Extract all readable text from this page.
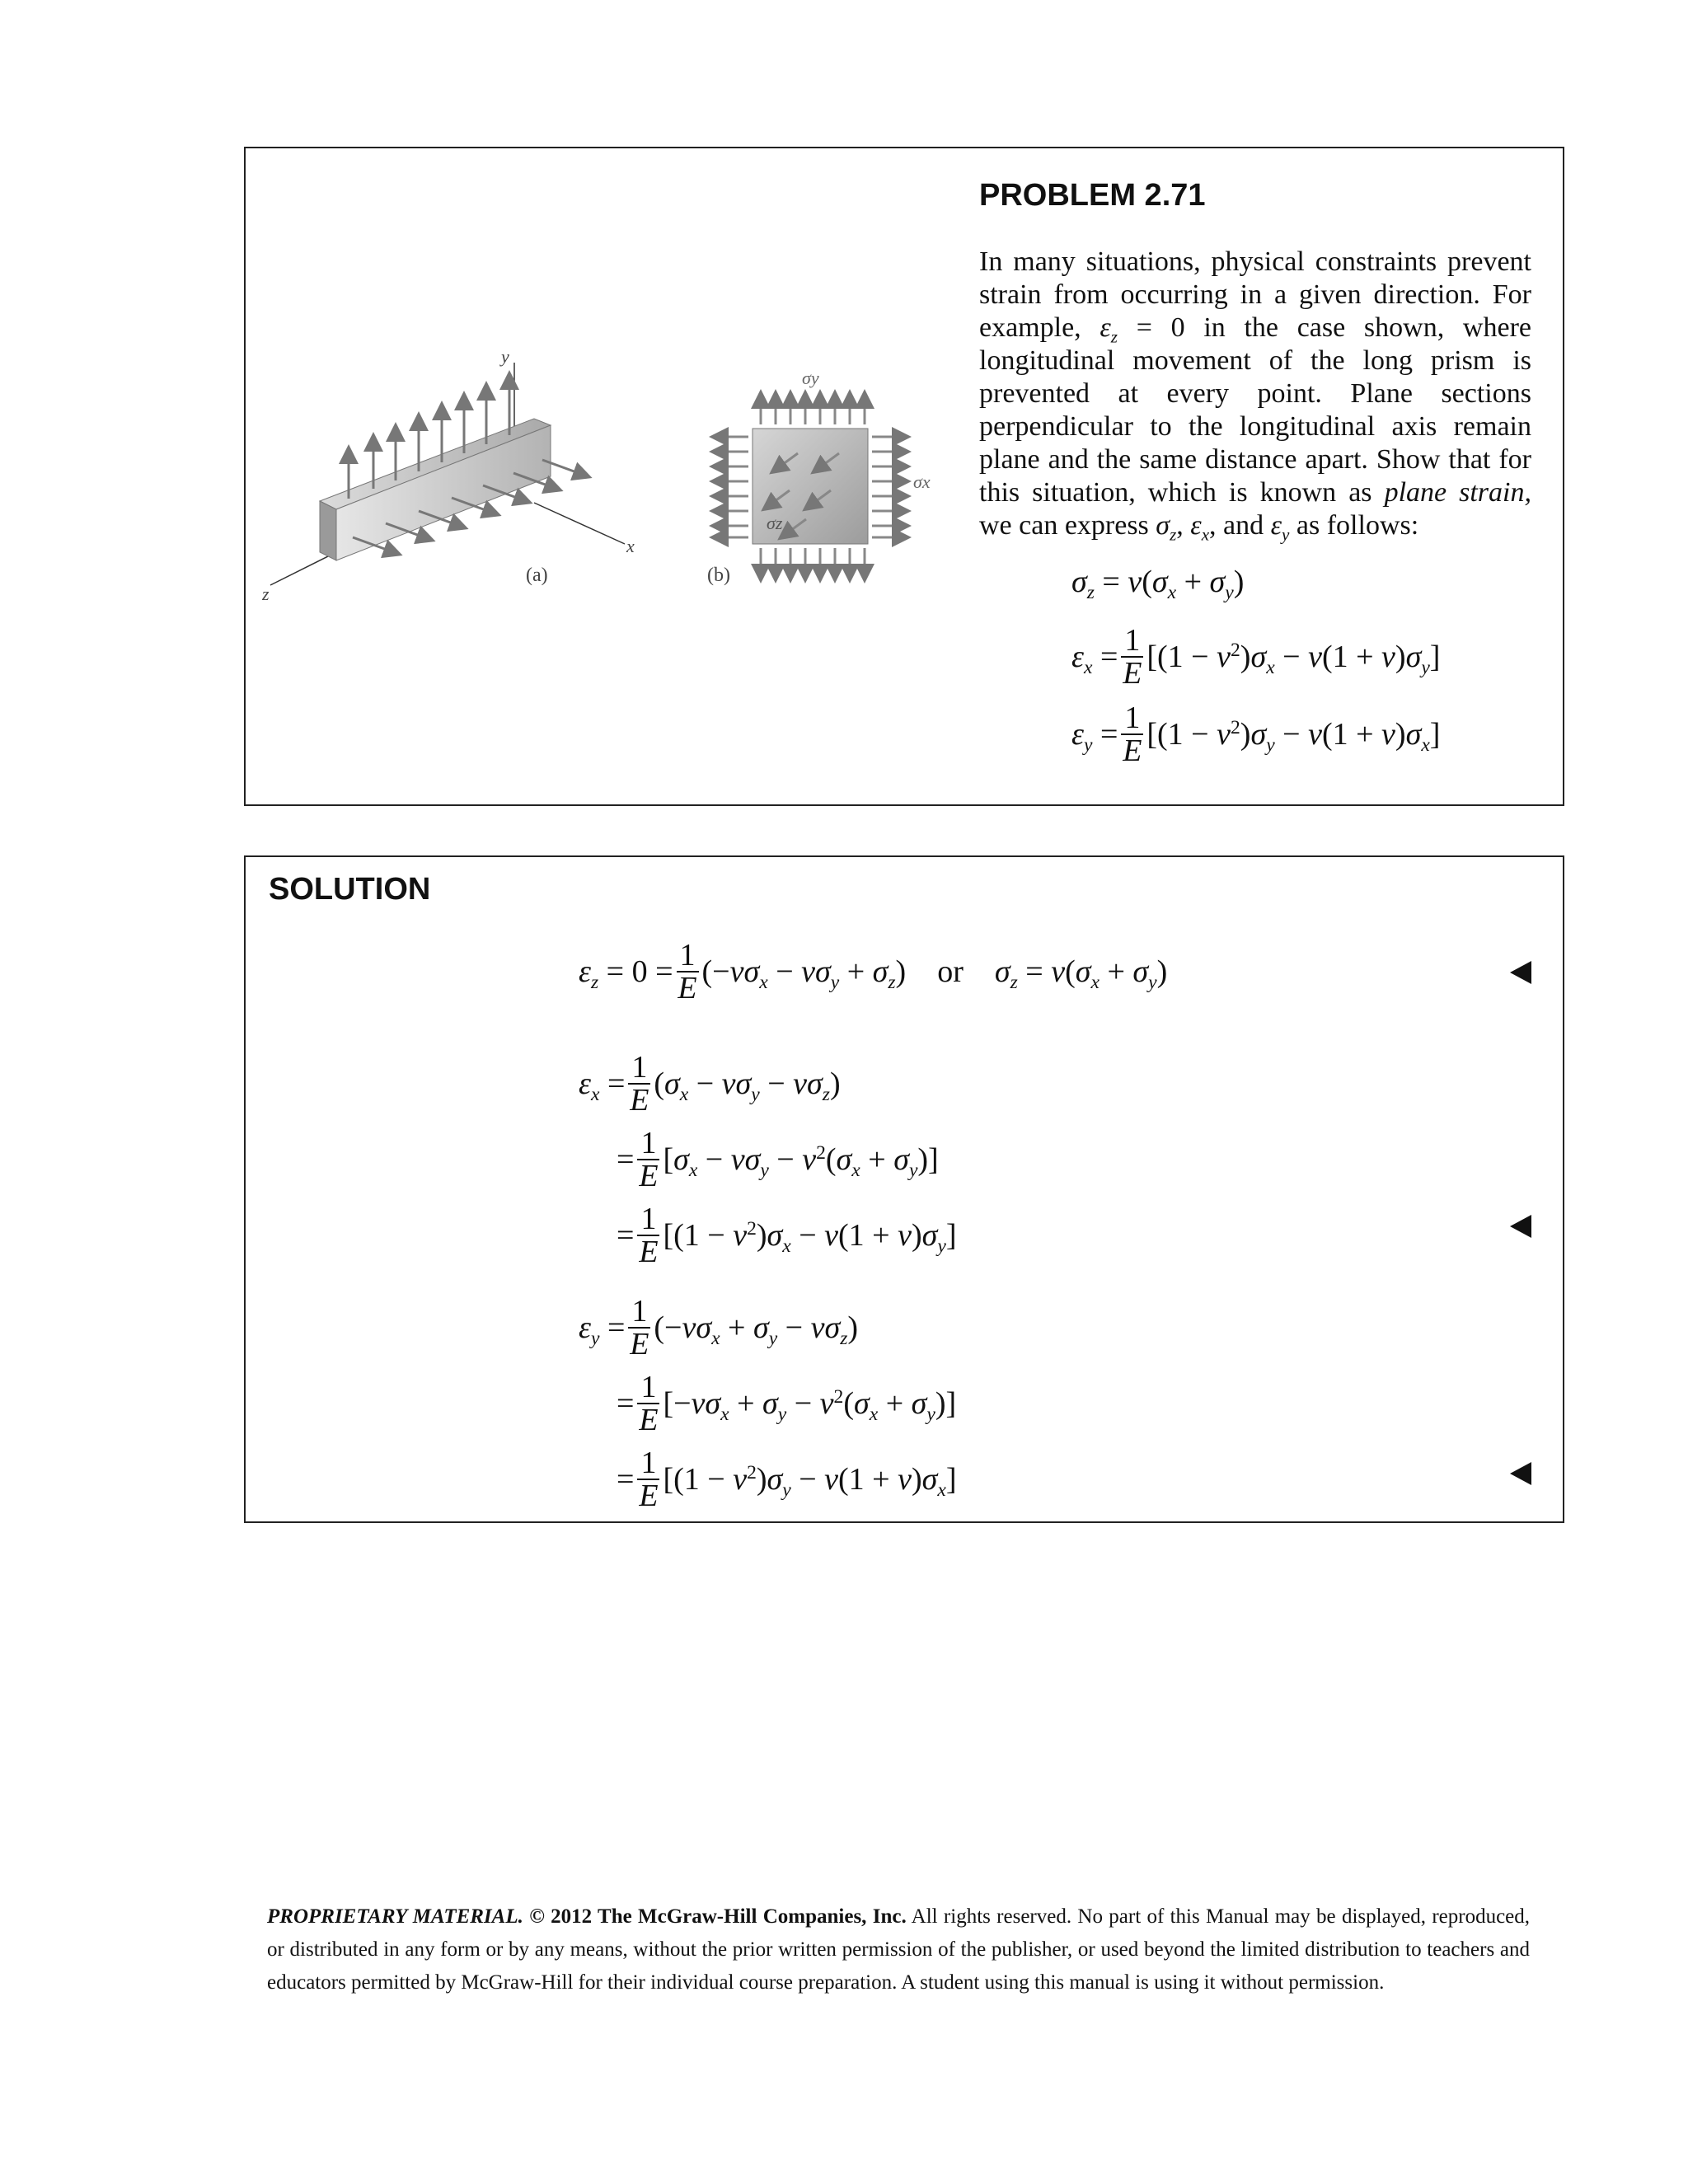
PROBLEM 2.71
In many situations, physical constraints prevent strain from occurring in a given direction. For example, $\varepsilon_z = 0$ in the case shown, where longitudinal movement of the long prism is prevented at every point. Plane sections perpendicular to the longitudinal axis remain plane and the same distance apart. Show that for this situation, which is known as plane strain, we can express $\sigma_z$, $\varepsilon_x$, and $\varepsilon_y$ as follows:
z
x
y
(a)
σy
σx
σz
(b)	$\sigma_z = v(\sigma_x + \sigma_y)$
$\varepsilon_x = \frac{1}{E} [(1 - v^2)\sigma_x - v(1 + v)\sigma_y]$
$\varepsilon_y = \frac{1}{E} [(1 - v^2)\sigma_y - v(1 + v)\sigma_x]$
SOLUTION
$\varepsilon_z = 0 = \frac{1}{E} (-v\sigma_x - v\sigma_y + \sigma_z)$    or $\sigma_z = v(\sigma_x + \sigma_y)$
$\varepsilon_x = \frac{1}{E} (\sigma_x - v\sigma_y - v\sigma_z)$
= $\frac{1}{E} [\sigma_x - v\sigma_y - v^2(\sigma_x + \sigma_y)]$
= $\frac{1}{E} [(1 - v^2)\sigma_x - v(1 + v)\sigma_y]$
$\varepsilon_y = \frac{1}{E} (-v\sigma_x + \sigma_y - v\sigma_z)$
= $\frac{1}{E} [-v\sigma_x + \sigma_y - v^2(\sigma_x + \sigma_y)]$
= $\frac{1}{E} [(1 - v^2)\sigma_y - v(1 + v)\sigma_x]$
PROPRIETARY MATERIAL. © 2012 The McGraw-Hill Companies, Inc. All rights reserved. No part of this Manual may be displayed, reproduced, or distributed in any form or by any means, without the prior written permission of the publisher, or used beyond the limited distribution to teachers and educators permitted by McGraw-Hill for their individual course preparation. A student using this manual is using it without permission.
